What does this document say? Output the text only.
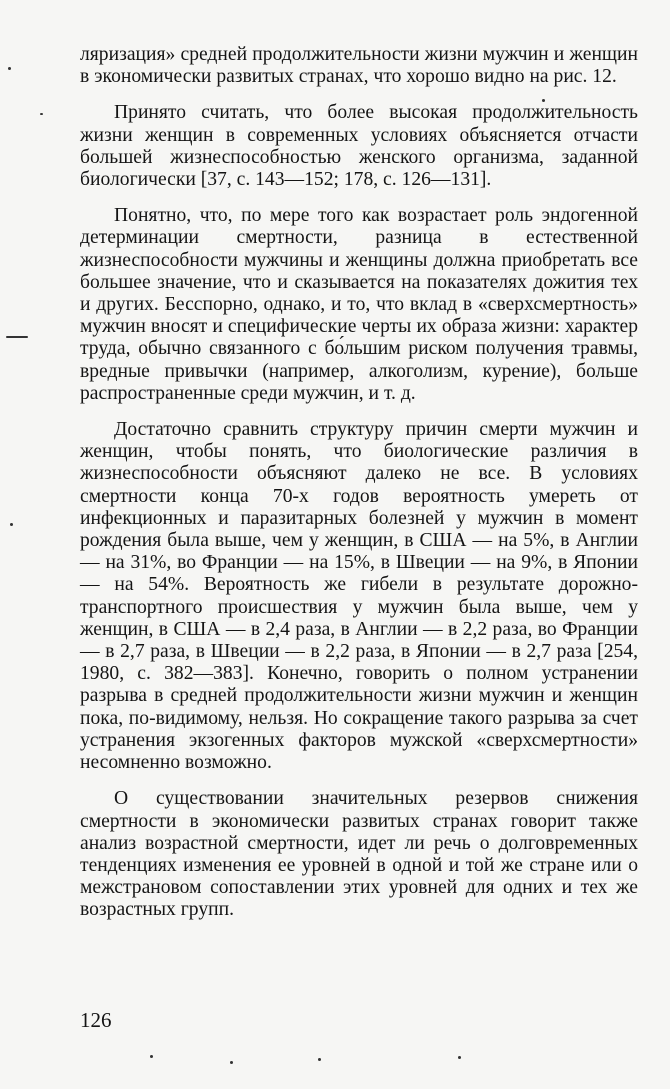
ляризация» средней продолжительности жизни мужчин и женщин в экономически развитых странах, что хорошо видно на рис. 12.

Принято считать, что более высокая продолжительность жизни женщин в современных условиях объясняется отчасти большей жизнеспособностью женского организма, заданной биологически [37, с. 143—152; 178, с. 126—131].

Понятно, что, по мере того как возрастает роль эндогенной детерминации смертности, разница в естественной жизнеспособности мужчины и женщины должна приобретать все большее значение, что и сказывается на показателях дожития тех и других. Бесспорно, однако, и то, что вклад в «сверхсмертность» мужчин вносят и специфические черты их образа жизни: характер труда, обычно связанного с бо́льшим риском получения травмы, вредные привычки (например, алкоголизм, курение), больше распространенные среди мужчин, и т. д.

Достаточно сравнить структуру причин смерти мужчин и женщин, чтобы понять, что биологические различия в жизнеспособности объясняют далеко не все. В условиях смертности конца 70-х годов вероятность умереть от инфекционных и паразитарных болезней у мужчин в момент рождения была выше, чем у женщин, в США — на 5%, в Англии — на 31%, во Франции — на 15%, в Швеции — на 9%, в Японии — на 54%. Вероятность же гибели в результате дорожно-транспортного происшествия у мужчин была выше, чем у женщин, в США — в 2,4 раза, в Англии — в 2,2 раза, во Франции — в 2,7 раза, в Швеции — в 2,2 раза, в Японии — в 2,7 раза [254, 1980, с. 382—383]. Конечно, говорить о полном устранении разрыва в средней продолжительности жизни мужчин и женщин пока, по-видимому, нельзя. Но сокращение такого разрыва за счет устранения экзогенных факторов мужской «сверхсмертности» несомненно возможно.

О существовании значительных резервов снижения смертности в экономически развитых странах говорит также анализ возрастной смертности, идет ли речь о долговременных тенденциях изменения ее уровней в одной и той же стране или о межстрановом сопоставлении этих уровней для одних и тех же возрастных групп.

126
